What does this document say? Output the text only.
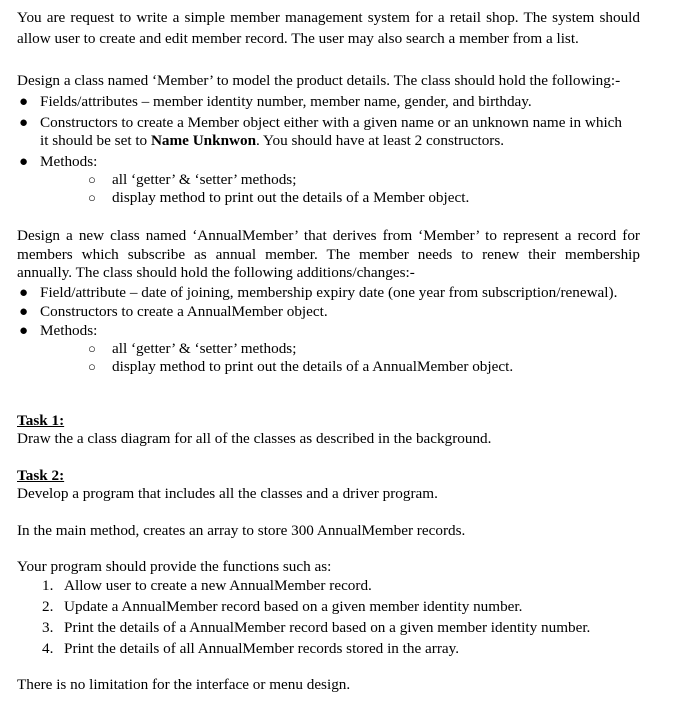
You are request to write a simple member management system for a retail shop. The system should
allow user to create and edit member record. The user may also search a member from a list.
Design a class named ‘Member’ to model the product details. The class should hold the following:-
● Fields/attributes – member identity number, member name, gender, and birthday.
● Constructors to create a Member object either with a given name or an unknown name in which
it should be set to Name Unknwon. You should have at least 2 constructors.
● Methods:
○ all ‘getter’ & ‘setter’ methods;
○ display method to print out the details of a Member object.
Design a new class named ‘AnnualMember’ that derives from ‘Member’ to represent a record for
members which subscribe as annual member. The member needs to renew their membership
annually. The class should hold the following additions/changes:-
● Field/attribute – date of joining, membership expiry date (one year from subscription/renewal).
● Constructors to create a AnnualMember object.
● Methods:
○ all ‘getter’ & ‘setter’ methods;
○ display method to print out the details of a AnnualMember object.
Task 1:
Draw the a class diagram for all of the classes as described in the background.
Task 2:
Develop a program that includes all the classes and a driver program.
In the main method, creates an array to store 300 AnnualMember records.
Your program should provide the functions such as:
1. Allow user to create a new AnnualMember record.
2. Update a AnnualMember record based on a given member identity number.
3. Print the details of a AnnualMember record based on a given member identity number.
4. Print the details of all AnnualMember records stored in the array.
There is no limitation for the interface or menu design.
